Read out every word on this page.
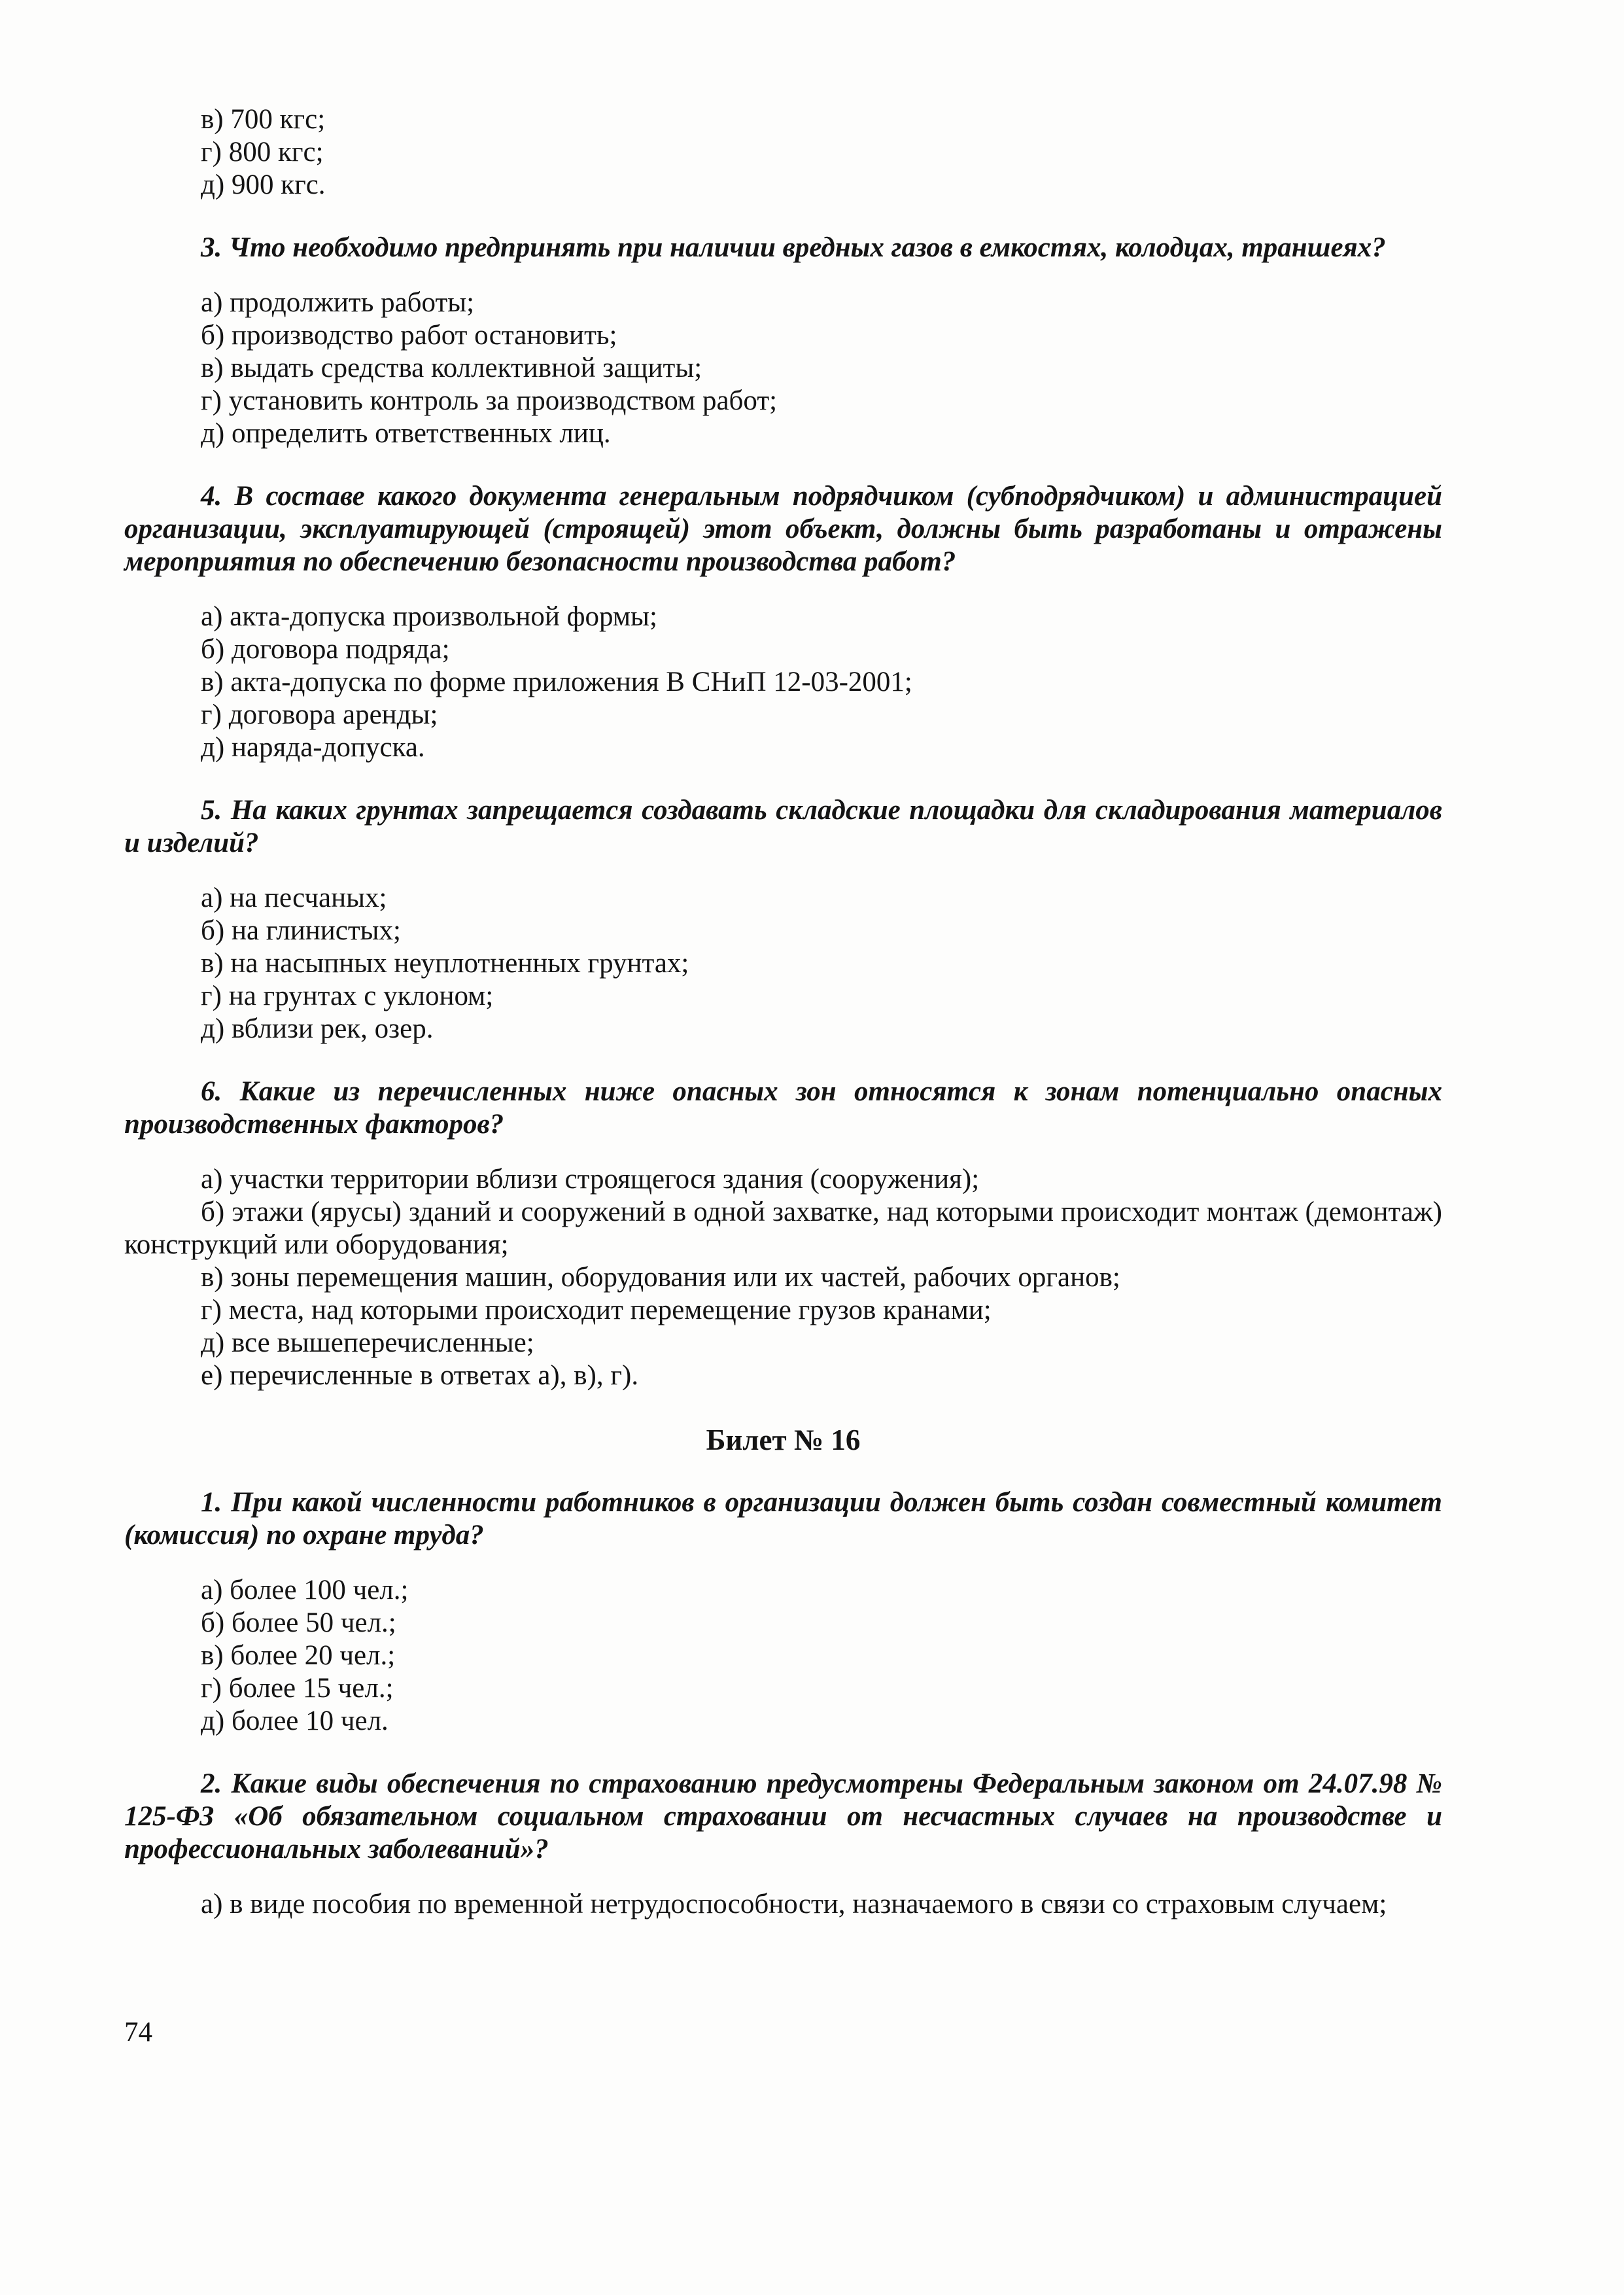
в) 700 кгс;

г) 800 кгс;

д) 900 кгс.

3. Что необходимо предпринять при наличии вредных газов в емкостях, колодцах, траншеях?

а) продолжить работы;

б) производство работ остановить;

в) выдать средства коллективной защиты;

г) установить контроль за производством работ;

д) определить ответственных лиц.

4. В составе какого документа генеральным подрядчиком (субподрядчиком) и администрацией организации, эксплуатирующей (строящей) этот объект, должны быть разработаны и отражены мероприятия по обеспечению безопасности производства работ?

а) акта-допуска произвольной формы;

б) договора подряда;

в) акта-допуска по форме приложения В СНиП 12-03-2001;

г) договора аренды;

д) наряда-допуска.

5. На каких грунтах запрещается создавать складские площадки для складирования материалов и изделий?

а) на песчаных;

б) на глинистых;

в) на насыпных неуплотненных грунтах;

г) на грунтах с уклоном;

д) вблизи рек, озер.

6. Какие из перечисленных ниже опасных зон относятся к зонам потенциально опасных производственных факторов?

а) участки территории вблизи строящегося здания (сооружения);

б) этажи (ярусы) зданий и сооружений в одной захватке, над которыми происходит монтаж (демонтаж) конструкций или оборудования;

в) зоны перемещения машин, оборудования или их частей, рабочих органов;

г) места, над которыми происходит перемещение грузов кранами;

д) все вышеперечисленные;

е) перечисленные в ответах а), в), г).

Билет № 16

1. При какой численности работников в организации должен быть создан совместный комитет (комиссия) по охране труда?

а) более 100 чел.;

б) более 50 чел.;

в) более 20 чел.;

г) более 15 чел.;

д) более 10 чел.

2. Какие виды обеспечения по страхованию предусмотрены Федеральным законом от 24.07.98 № 125-ФЗ «Об обязательном социальном страховании от несчастных случаев на производстве и профессиональных заболеваний»?

а) в виде пособия по временной нетрудоспособности, назначаемого в связи со страховым случаем;

74
